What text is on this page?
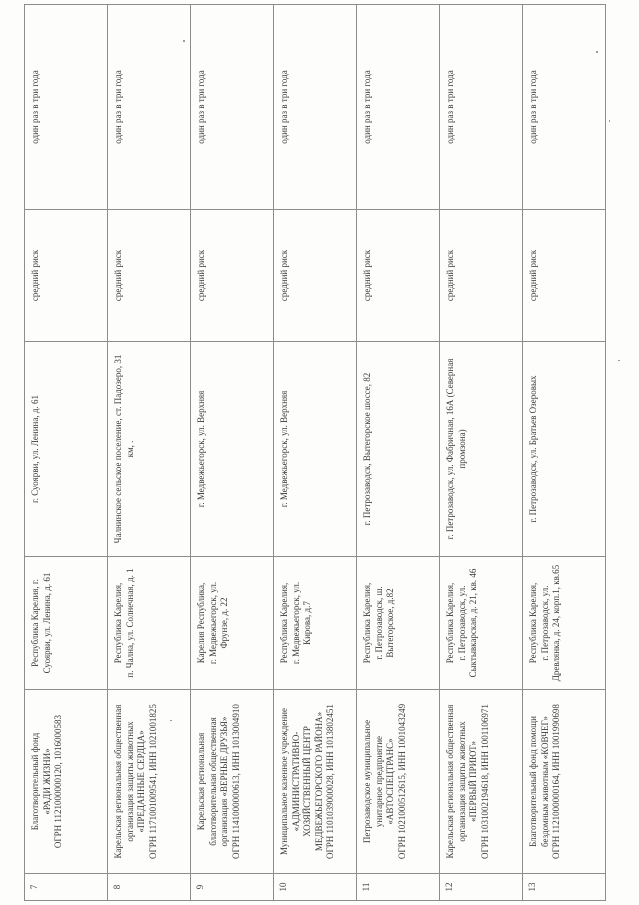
7	Благотворительный фонд «РАДИ ЖИЗНИ» ОГРН 1121000000120, 1016000583	Республика Карелия, г. Суоярви, ул. Ленина, д. 61	г. Суоярви, ул. Ленина, д. 61	средний риск	один раз в три года
8	Карельская региональная общественная организация защиты животных «ПРЕДАННЫЕ СЕРДЦА» ОГРН 1171001009541, ИНН 1021001825	Республика Карелия, п. Чална, ул. Солнечная, д. 1	Чалнинское сельское поселение, ст. Падозеро, 31 км, .	средний риск	один раз в три года
9	Карельская региональная благотворительная общественная организация «ВЕРНЫЕ ДРУЗЬЯ» ОГРН 1141000000613, ИНН 1013004910	Карелия Республика, г. Медвежьегорск, ул. Фрунзе, д. 22	г. Медвежьегорск, ул. Верхняя	средний риск	один раз в три года
10	Муниципальное казенное учреждение «АДМИНИСТРАТИВНО- ХОЗЯЙСТВЕННЫЙ ЦЕНТР МЕДВЕЖЬЕГОРСКОГО РАЙОНА» ОГРН 1101039000028, ИНН 1013802451	Республика Карелия, г. Медвежьегорск, ул. Кирова, д.7	г. Медвежьегорск, ул. Верхняя	средний риск	один раз в три года
11	Петрозаводское муниципальное унитарное предприятие «АВТОСПЕЦТРАНС» ОГРН 1021000512615, ИНН 1001043249	Республика Карелия, г. Петрозаводск, ш. Вытегорское, д.82	г. Петрозаводск, Вытегорское шоссе, 82	средний риск	один раз в три года
12	Карельская региональная общественная организация защиты животных «ПЕРВЫЙ ПРИЮТ» ОГРН 1031002194618, ИНН 1001106971	Республика Карелия, г. Петрозаводск, ул. Сыктывкарская, д. 21, кв. 46	г. Петрозаводск, ул. Фабричная, 16А (Северная промзона)	средний риск	один раз в три года
13	Благотворительный фонд помощи бездомным животным «КОВЧЕГ» ОГРН 1121000000164, ИНН 1001990698	Республика Карелия, г. Петрозаводск, ул. Древлянка, д. 24, корп.1, кв.65	г. Петрозаводск, ул. Братьев Озеровых	средний риск	один раз в три года
